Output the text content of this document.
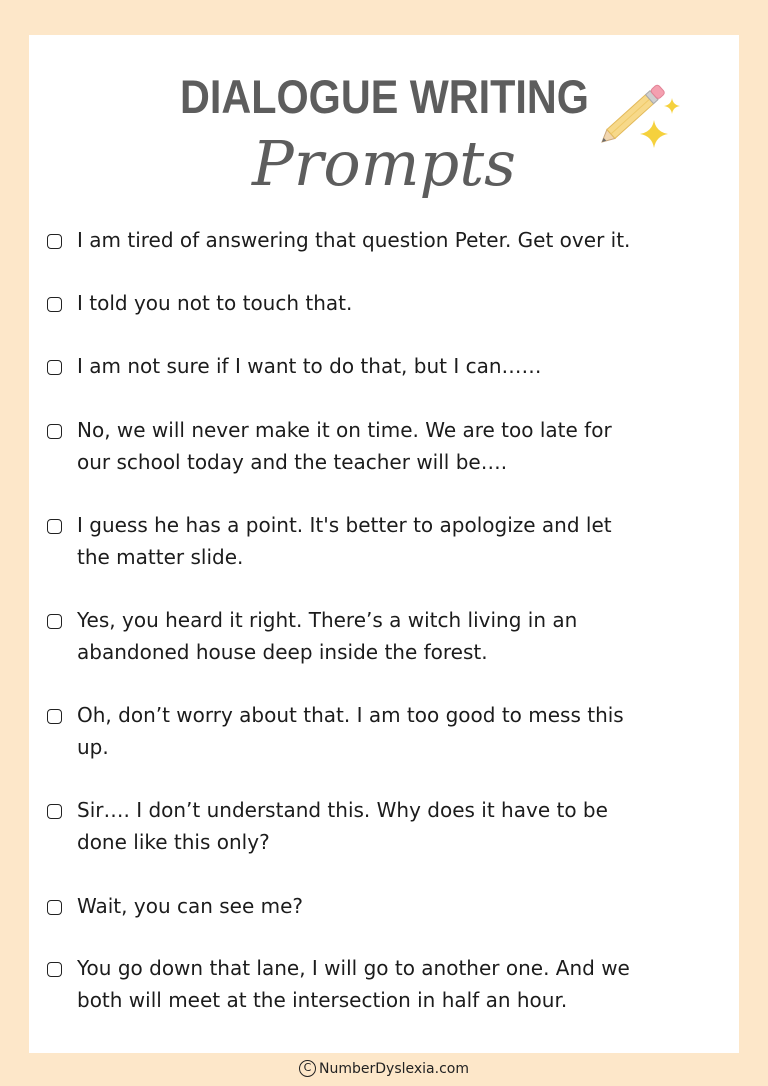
DIALOGUE WRITING
Prompts
I am tired of answering that question Peter. Get over it.
I told you not to touch that.
I am not sure if I want to do that, but I can……
No, we will never make it on time. We are too late for
our school today and the teacher will be….
I guess he has a point. It's better to apologize and let
the matter slide.
Yes, you heard it right. There’s a witch living in an
abandoned house deep inside the forest.
Oh, don’t worry about that. I am too good to mess this
up.
Sir…. I don’t understand this. Why does it have to be
done like this only?
Wait, you can see me?
You go down that lane, I will go to another one. And we
both will meet at the intersection in half an hour.
C NumberDyslexia.com
